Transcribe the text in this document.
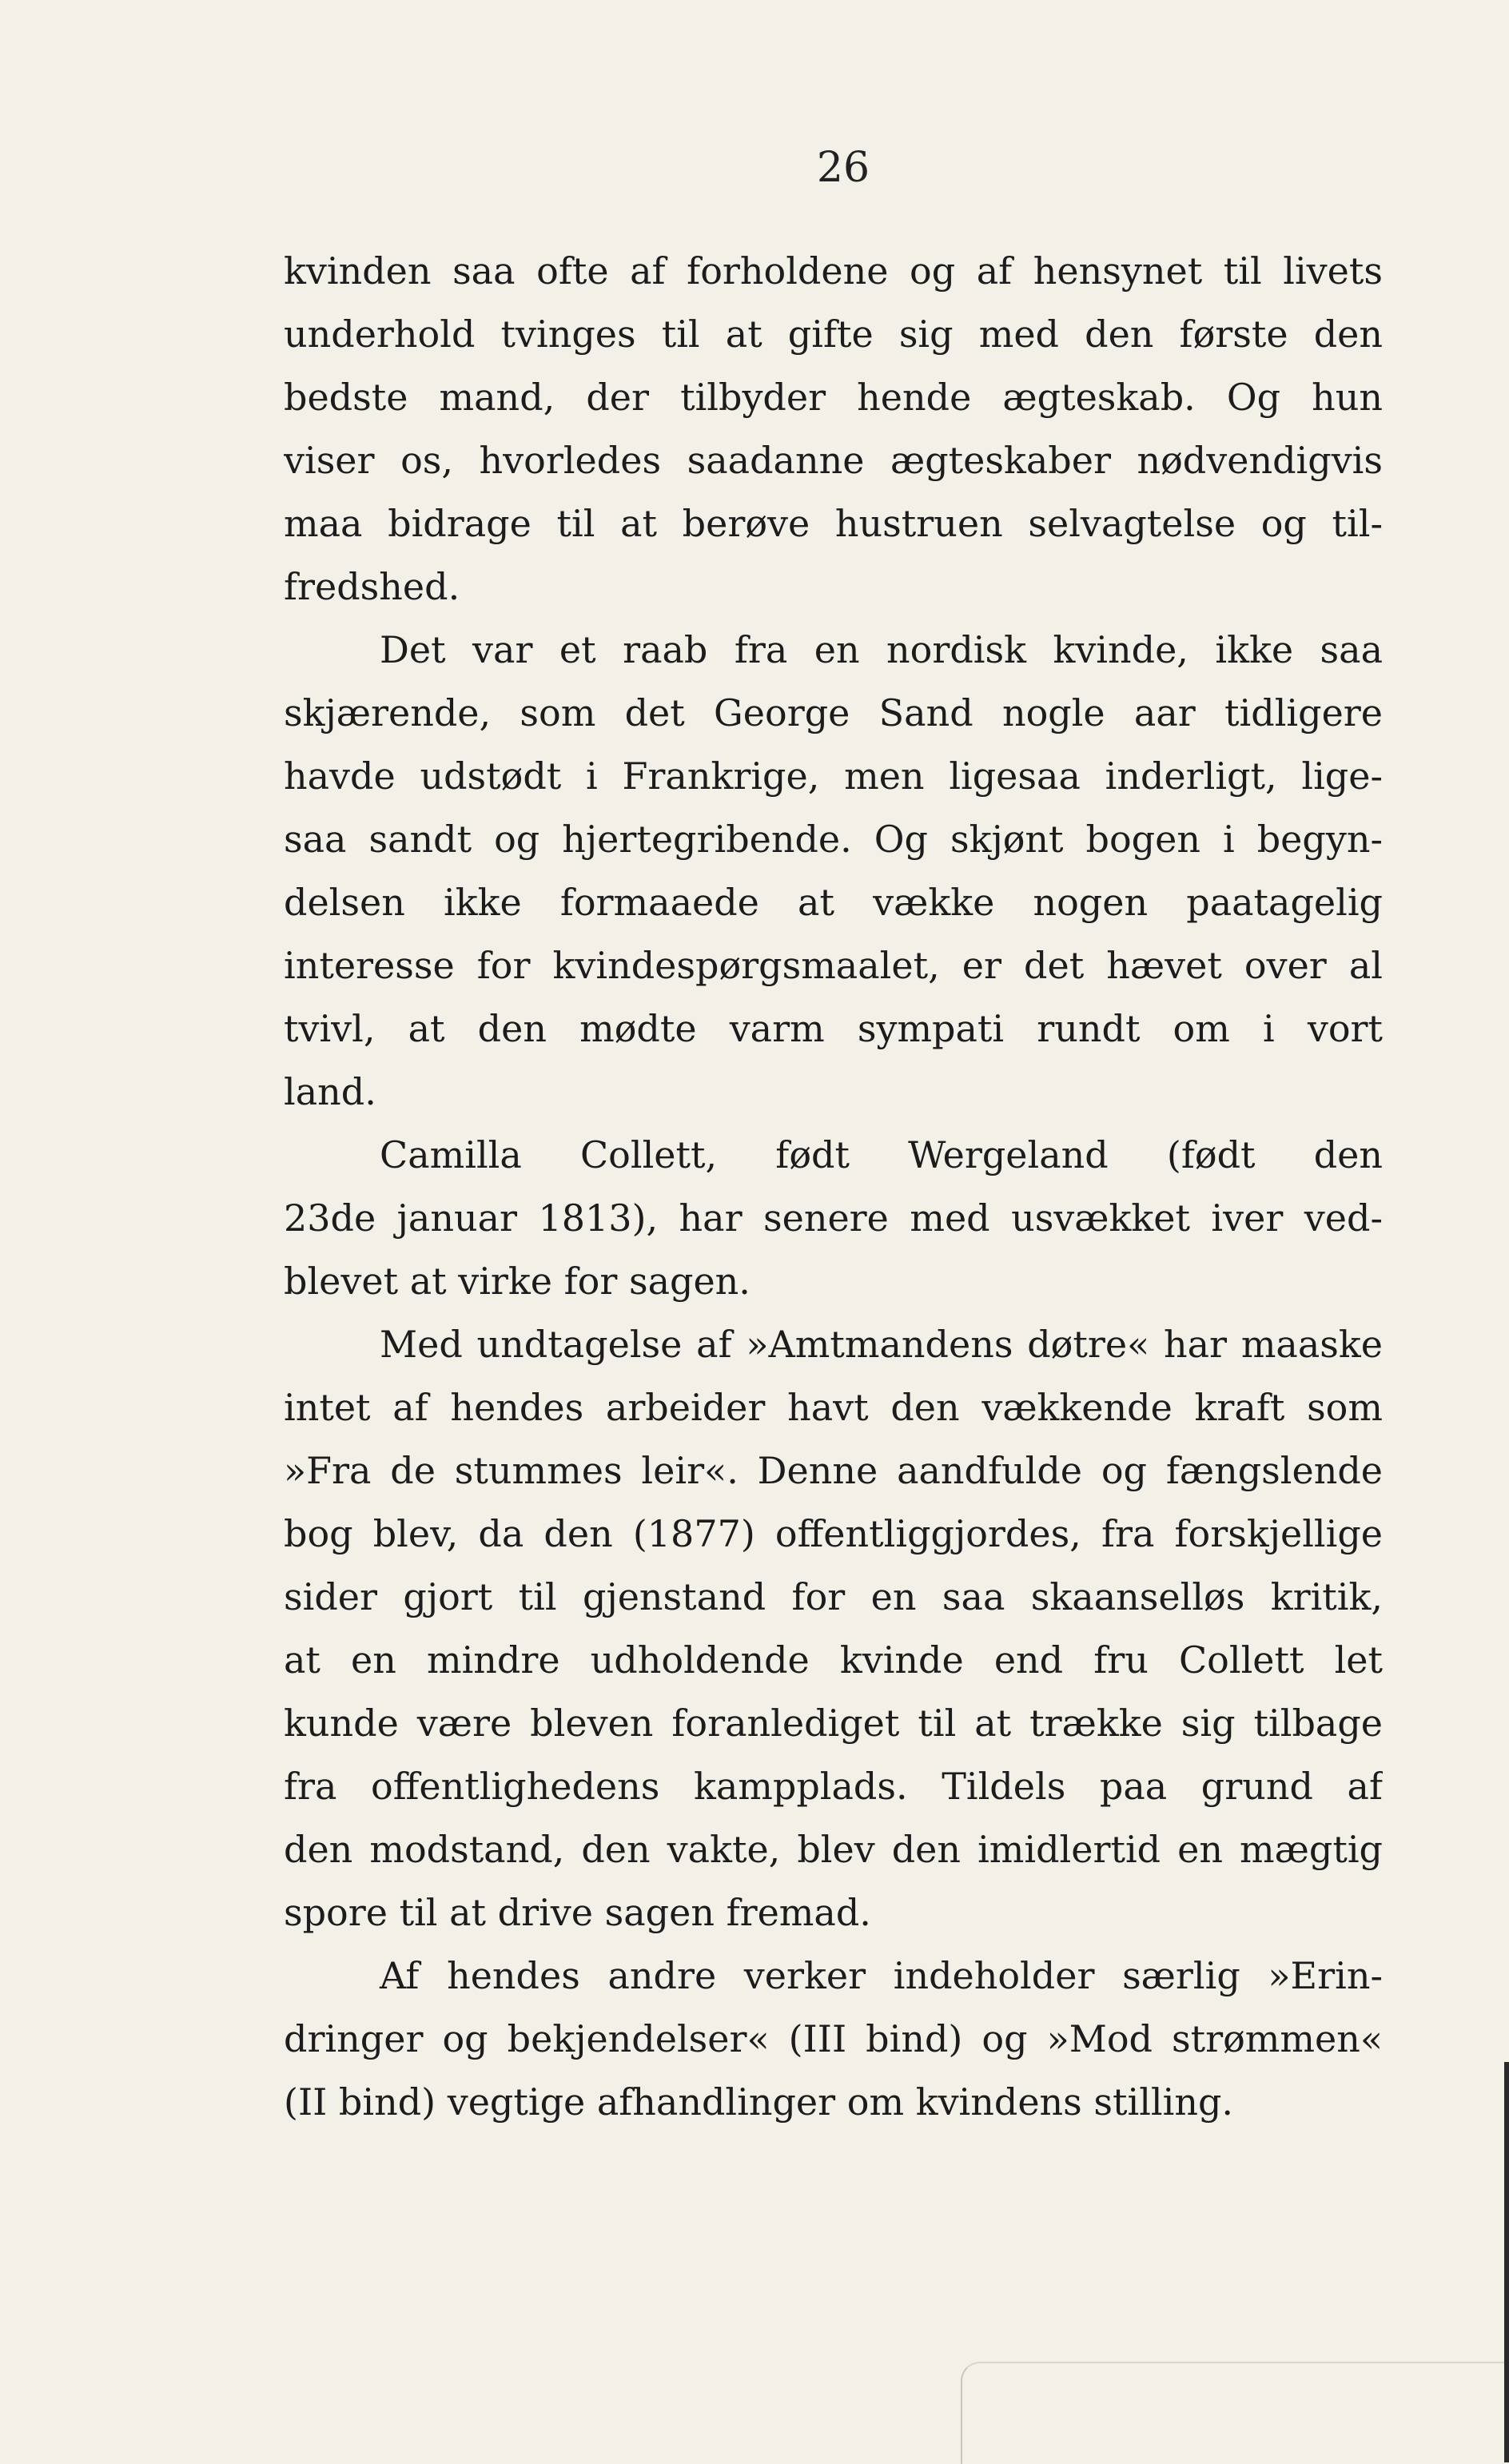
26
kvinden saa ofte af forholdene og af hensynet til livets
underhold tvinges til at gifte sig med den første den
bedste mand, der tilbyder hende ægteskab. Og hun
viser os, hvorledes saadanne ægteskaber nødvendigvis
maa bidrage til at berøve hustruen selvagtelse og til-
fredshed.
Det var et raab fra en nordisk kvinde, ikke saa
skjærende, som det George Sand nogle aar tidligere
havde udstødt i Frankrige, men ligesaa inderligt, lige-
saa sandt og hjertegribende. Og skjønt bogen i begyn-
delsen ikke formaaede at vække nogen paatagelig
interesse for kvindespørgsmaalet, er det hævet over al
tvivl, at den mødte varm sympati rundt om i vort
land.
Camilla Collett, født Wergeland (født den
23de januar 1813), har senere med usvækket iver ved-
blevet at virke for sagen.
Med undtagelse af »Amtmandens døtre« har maaske
intet af hendes arbeider havt den vækkende kraft som
»Fra de stummes leir«. Denne aandfulde og fængslende
bog blev, da den (1877) offentliggjordes, fra forskjellige
sider gjort til gjenstand for en saa skaanselløs kritik,
at en mindre udholdende kvinde end fru Collett let
kunde være bleven foranlediget til at trække sig tilbage
fra offentlighedens kampplads. Tildels paa grund af
den modstand, den vakte, blev den imidlertid en mægtig
spore til at drive sagen fremad.
Af hendes andre verker indeholder særlig »Erin-
dringer og bekjendelser« (III bind) og »Mod strømmen«
(II bind) vegtige afhandlinger om kvindens stilling.
